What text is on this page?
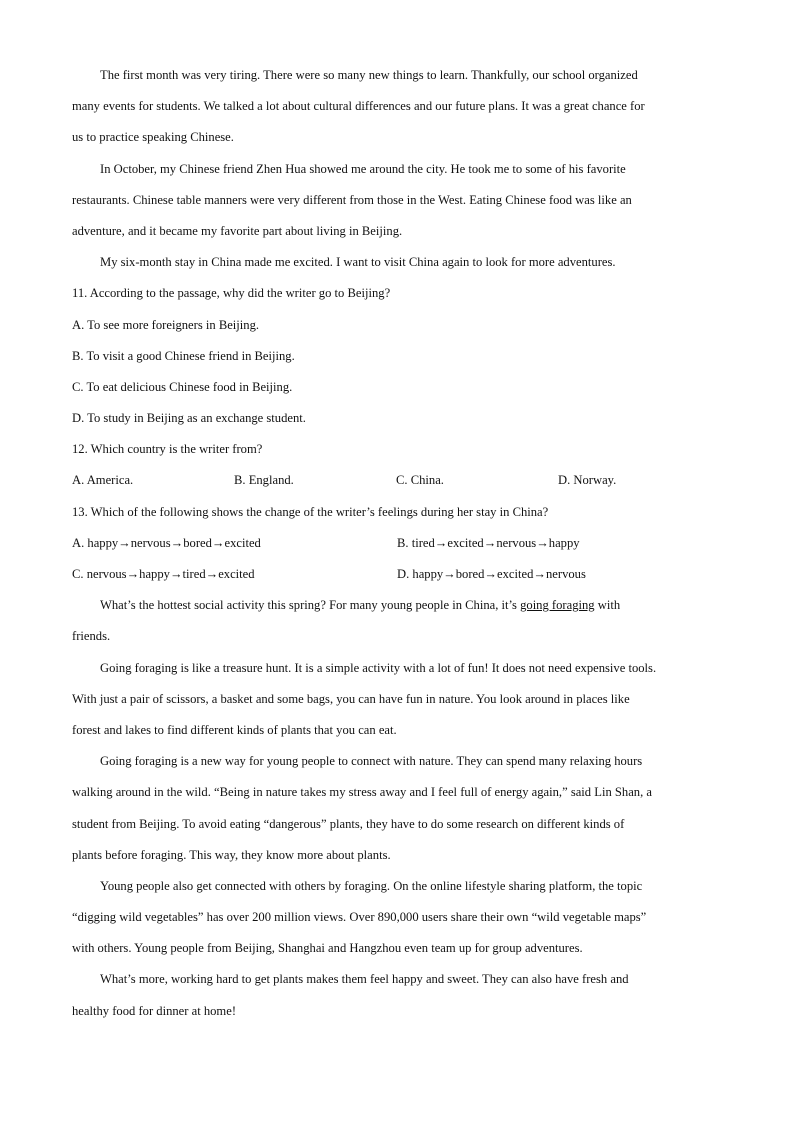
The first month was very tiring. There were so many new things to learn. Thankfully, our school organized
many events for students. We talked a lot about cultural differences and our future plans. It was a great chance for
us to practice speaking Chinese.
In October, my Chinese friend Zhen Hua showed me around the city. He took me to some of his favorite
restaurants. Chinese table manners were very different from those in the West. Eating Chinese food was like an
adventure, and it became my favorite part about living in Beijing.
My six-month stay in China made me excited. I want to visit China again to look for more adventures.
11. According to the passage, why did the writer go to Beijing?
A. To see more foreigners in Beijing.
B. To visit a good Chinese friend in Beijing.
C. To eat delicious Chinese food in Beijing.
D. To study in Beijing as an exchange student.
12. Which country is the writer from?
A. America.	B. England.	C. China.	D. Norway.
13. Which of the following shows the change of the writer’s feelings during her stay in China?
A. happy→nervous→bored→excited	B. tired→excited→nervous→happy
C. nervous→happy→tired→excited	D. happy→bored→excited→nervous
What’s the hottest social activity this spring? For many young people in China, it’s going foraging with
friends.
Going foraging is like a treasure hunt. It is a simple activity with a lot of fun! It does not need expensive tools.
With just a pair of scissors, a basket and some bags, you can have fun in nature. You look around in places like
forest and lakes to find different kinds of plants that you can eat.
Going foraging is a new way for young people to connect with nature. They can spend many relaxing hours
walking around in the wild. “Being in nature takes my stress away and I feel full of energy again,” said Lin Shan, a
student from Beijing. To avoid eating “dangerous” plants, they have to do some research on different kinds of
plants before foraging. This way, they know more about plants.
Young people also get connected with others by foraging. On the online lifestyle sharing platform, the topic
“digging wild vegetables” has over 200 million views. Over 890,000 users share their own “wild vegetable maps”
with others. Young people from Beijing, Shanghai and Hangzhou even team up for group adventures.
What’s more, working hard to get plants makes them feel happy and sweet. They can also have fresh and
healthy food for dinner at home!
